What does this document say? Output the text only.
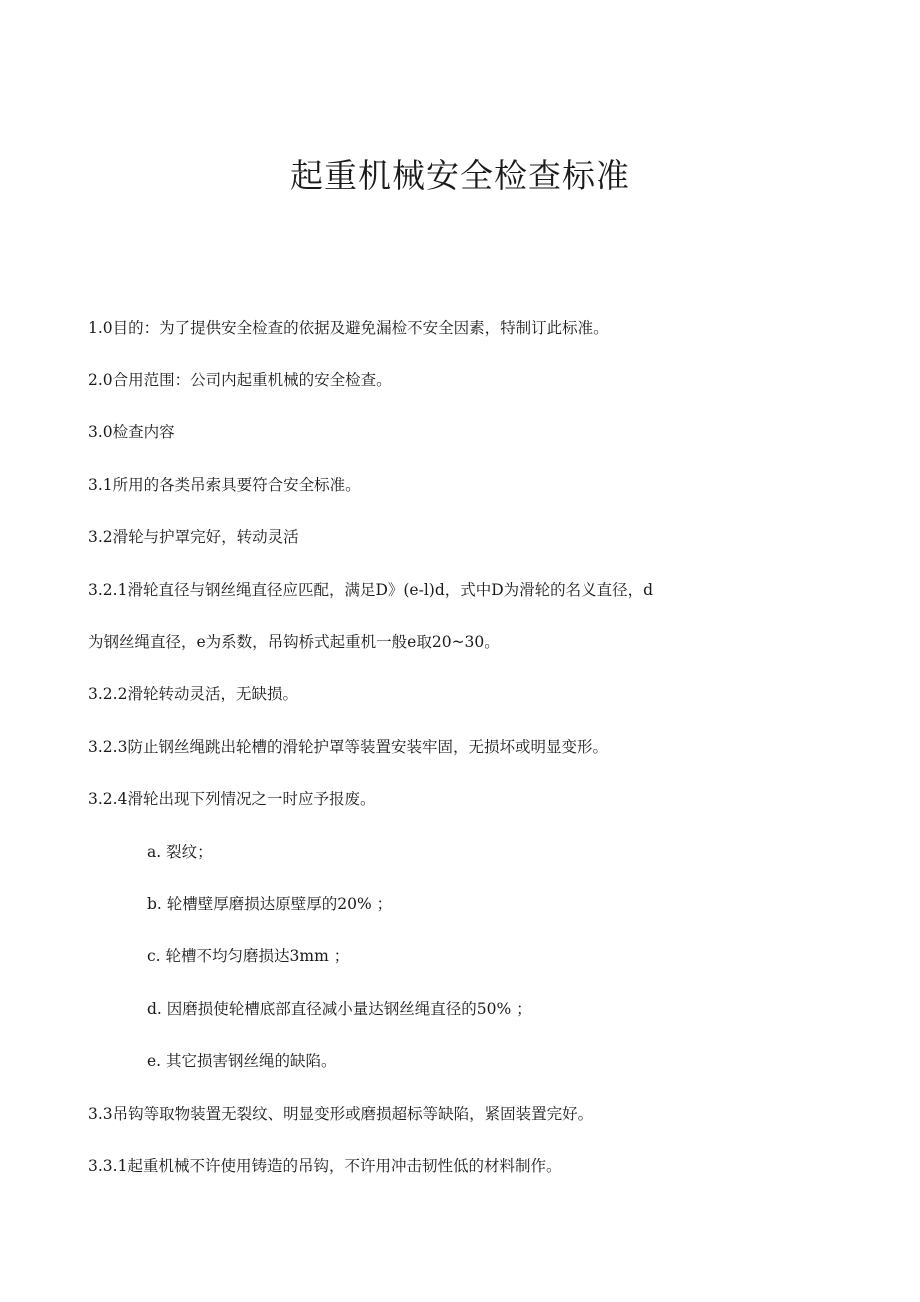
起重机械安全检查标准

1.0目的：为了提供安全检查的依据及避免漏检不安全因素，特制订此标准。

2.0合用范围：公司内起重机械的安全检查。

3.0检查内容

3.1所用的各类吊索具要符合安全标准。

3.2滑轮与护罩完好，转动灵活

3.2.1滑轮直径与钢丝绳直径应匹配，满足D》(e-l)d，式中D为滑轮的名义直径，d

为钢丝绳直径，e为系数，吊钩桥式起重机一般e取20~30。

3.2.2滑轮转动灵活，无缺损。

3.2.3防止钢丝绳跳出轮槽的滑轮护罩等装置安装牢固，无损坏或明显变形。

3.2.4滑轮出现下列情况之一时应予报废。

a. 裂纹；

b. 轮槽壁厚磨损达原壁厚的20% ；

c. 轮槽不均匀磨损达3mm ；

d. 因磨损使轮槽底部直径减小量达钢丝绳直径的50% ；

e. 其它损害钢丝绳的缺陷。

3.3吊钩等取物装置无裂纹、明显变形或磨损超标等缺陷，紧固装置完好。

3.3.1起重机械不许使用铸造的吊钩，不许用冲击韧性低的材料制作。
